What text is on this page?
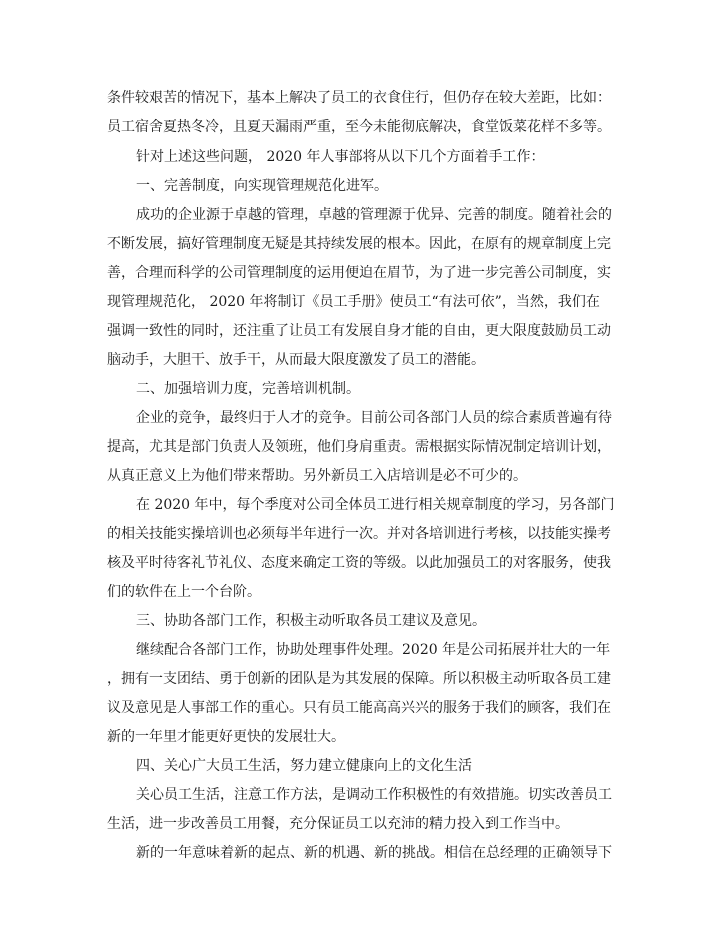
条件较艰苦的情况下，基本上解决了员工的衣食住行，但仍存在较大差距，比如：
员工宿舍夏热冬冷，且夏天漏雨严重，至今未能彻底解决，食堂饭菜花样不多等。
针对上述这些问题， 2020 年人事部将从以下几个方面着手工作：
一、完善制度，向实现管理规范化进军。
成功的企业源于卓越的管理，卓越的管理源于优异、完善的制度。随着社会的
不断发展，搞好管理制度无疑是其持续发展的根本。因此，在原有的规章制度上完
善，合理而科学的公司管理制度的运用便迫在眉节，为了进一步完善公司制度，实
现管理规范化， 2020 年将制订《员工手册》使员工“有法可依”，当然，我们在
强调一致性的同时，还注重了让员工有发展自身才能的自由，更大限度鼓励员工动
脑动手，大胆干、放手干，从而最大限度激发了员工的潜能。
二、加强培训力度，完善培训机制。
企业的竞争，最终归于人才的竞争。目前公司各部门人员的综合素质普遍有待
提高，尤其是部门负责人及领班，他们身肩重责。需根据实际情况制定培训计划，
从真正意义上为他们带来帮助。另外新员工入店培训是必不可少的。
在 2020 年中，每个季度对公司全体员工进行相关规章制度的学习，另各部门
的相关技能实操培训也必须每半年进行一次。并对各培训进行考核，以技能实操考
核及平时待客礼节礼仪、态度来确定工资的等级。以此加强员工的对客服务，使我
们的软件在上一个台阶。
三、协助各部门工作，积极主动听取各员工建议及意见。
继续配合各部门工作，协助处理事件处理。2020 年是公司拓展并壮大的一年
，拥有一支团结、勇于创新的团队是为其发展的保障。所以积极主动听取各员工建
议及意见是人事部工作的重心。只有员工能高高兴兴的服务于我们的顾客，我们在
新的一年里才能更好更快的发展壮大。
四、关心广大员工生活，努力建立健康向上的文化生活
关心员工生活，注意工作方法，是调动工作积极性的有效措施。切实改善员工
生活，进一步改善员工用餐，充分保证员工以充沛的精力投入到工作当中。
新的一年意味着新的起点、新的机遇、新的挑战。相信在总经理的正确领导下
